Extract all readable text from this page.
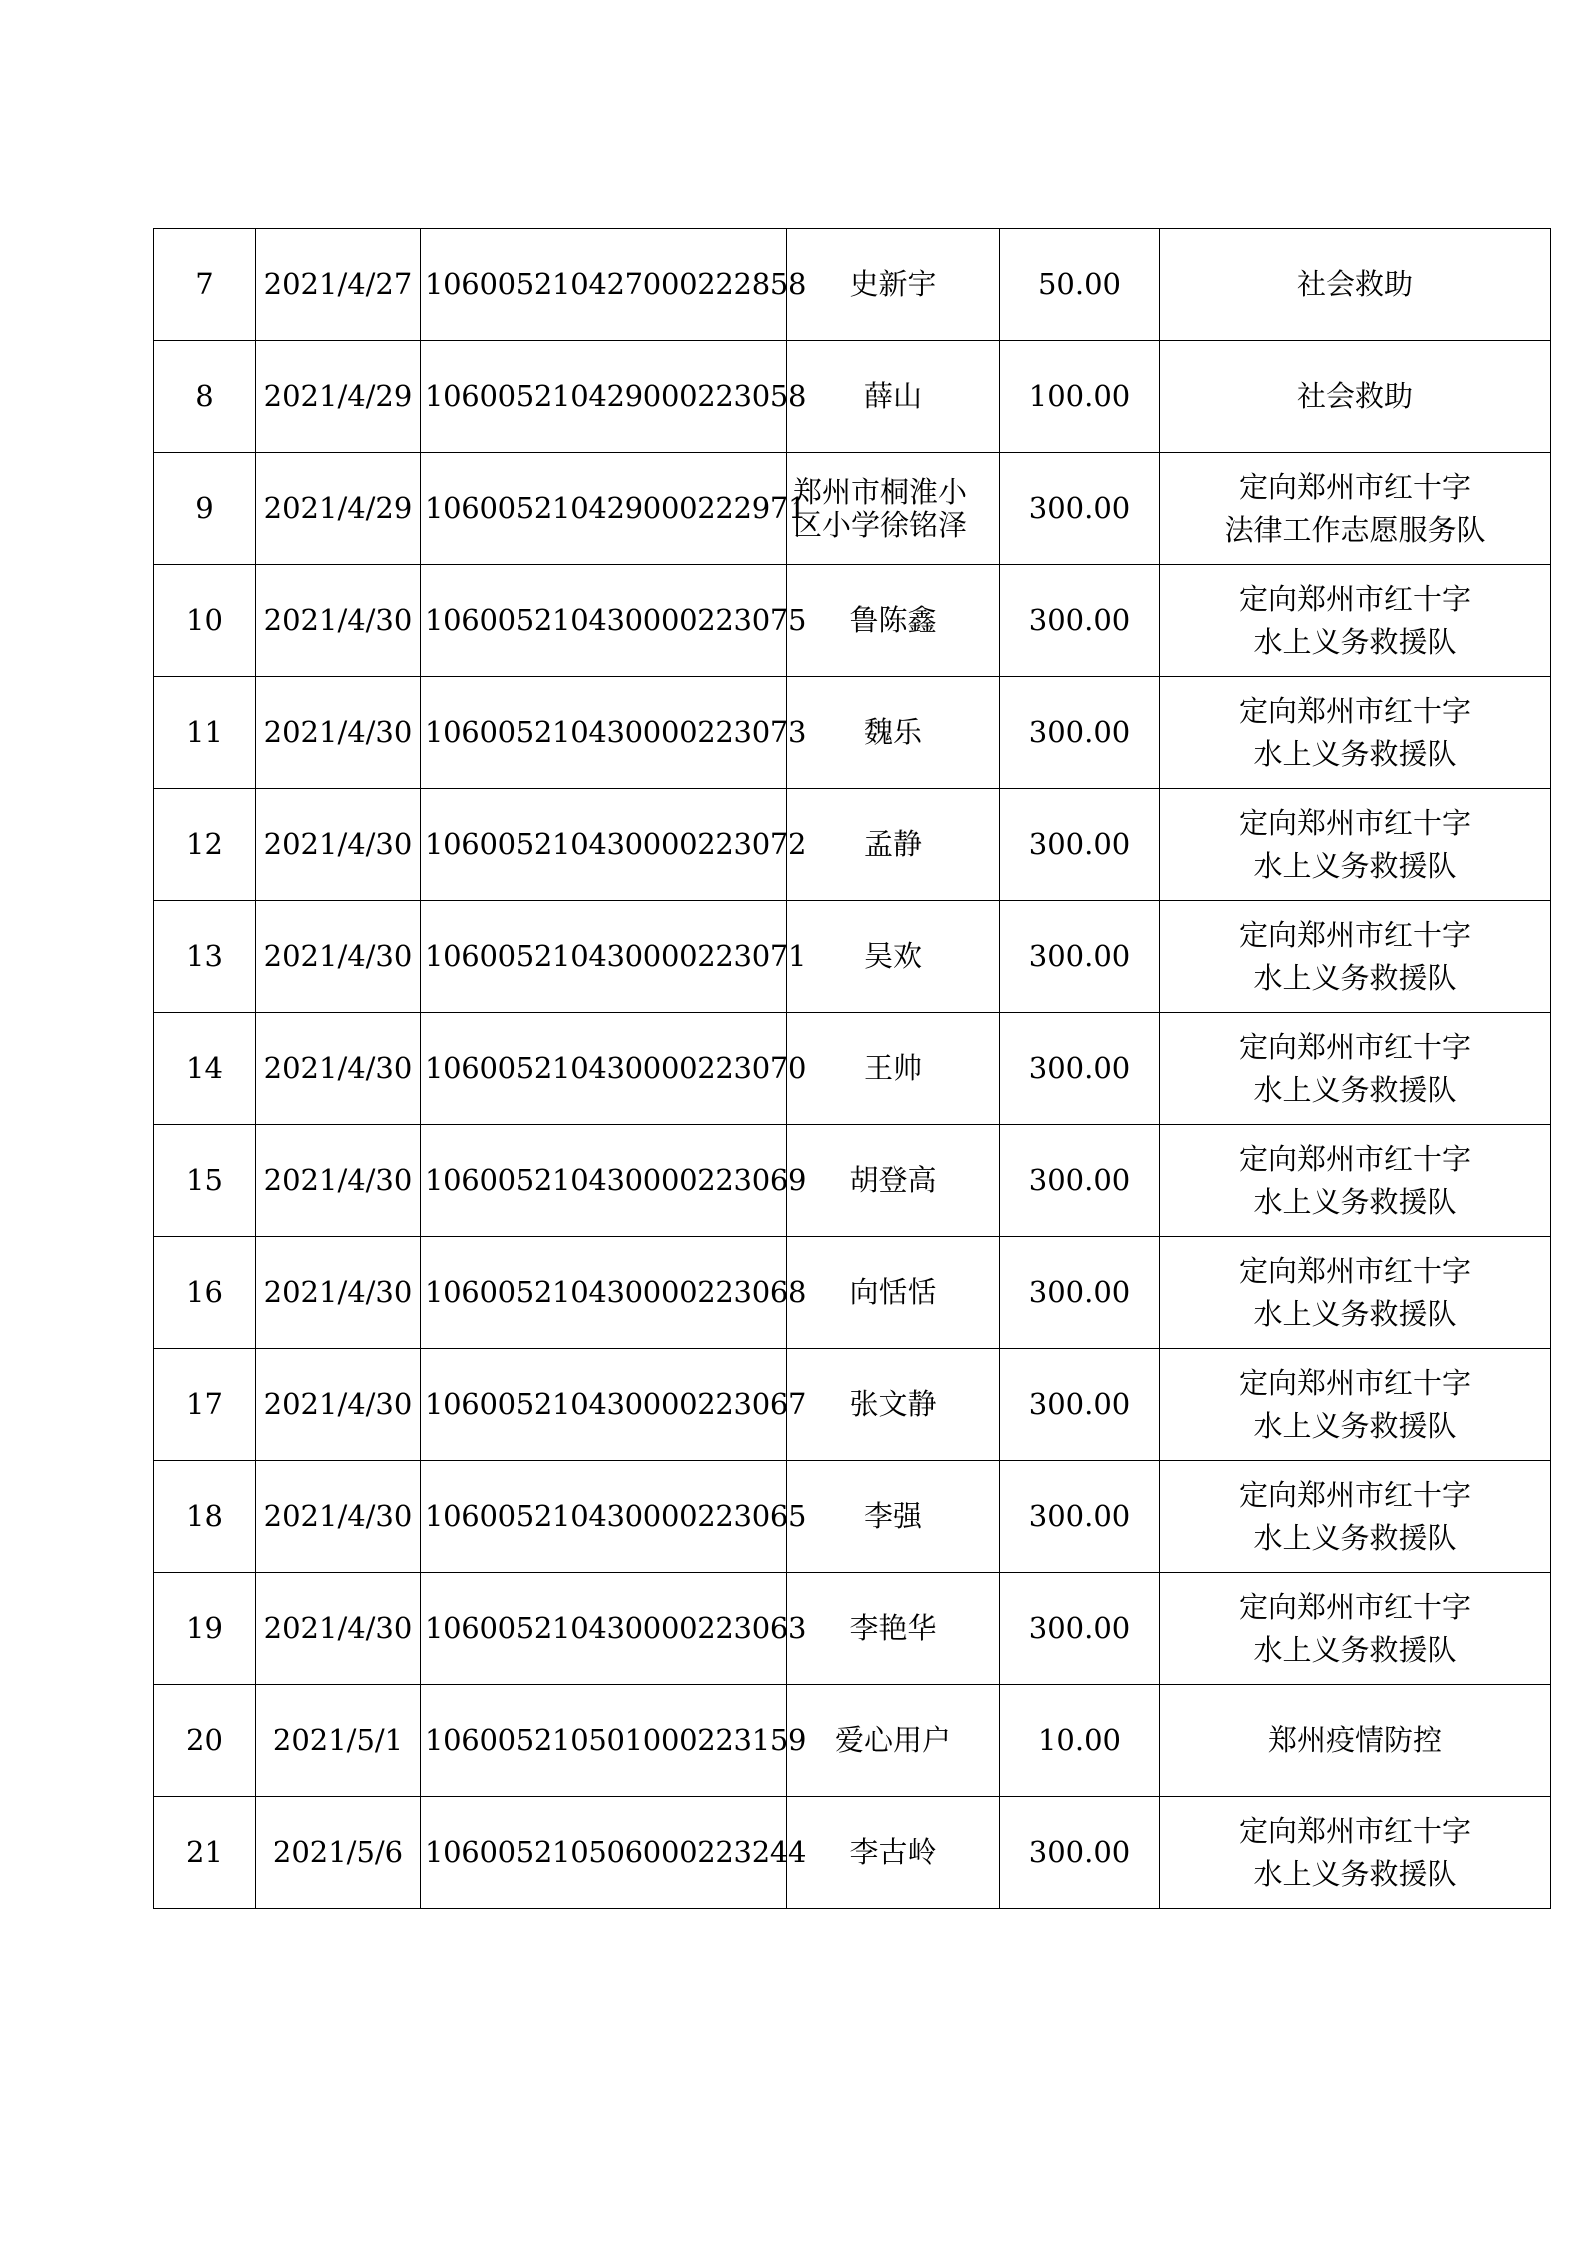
7	2021/4/27	106005210427000222858	史新宇	50.00	社会救助
8	2021/4/29	106005210429000223058	薛山	100.00	社会救助
9	2021/4/29	106005210429000222971	郑州市桐淮小区小学徐铭泽	300.00	定向郑州市红十字
法律工作志愿服务队
10	2021/4/30	106005210430000223075	鲁陈鑫	300.00	定向郑州市红十字
水上义务救援队
11	2021/4/30	106005210430000223073	魏乐	300.00	定向郑州市红十字
水上义务救援队
12	2021/4/30	106005210430000223072	孟静	300.00	定向郑州市红十字
水上义务救援队
13	2021/4/30	106005210430000223071	吴欢	300.00	定向郑州市红十字
水上义务救援队
14	2021/4/30	106005210430000223070	王帅	300.00	定向郑州市红十字
水上义务救援队
15	2021/4/30	106005210430000223069	胡登高	300.00	定向郑州市红十字
水上义务救援队
16	2021/4/30	106005210430000223068	向恬恬	300.00	定向郑州市红十字
水上义务救援队
17	2021/4/30	106005210430000223067	张文静	300.00	定向郑州市红十字
水上义务救援队
18	2021/4/30	106005210430000223065	李强	300.00	定向郑州市红十字
水上义务救援队
19	2021/4/30	106005210430000223063	李艳华	300.00	定向郑州市红十字
水上义务救援队
20	2021/5/1	106005210501000223159	爱心用户	10.00	郑州疫情防控
21	2021/5/6	106005210506000223244	李古岭	300.00	定向郑州市红十字
水上义务救援队
